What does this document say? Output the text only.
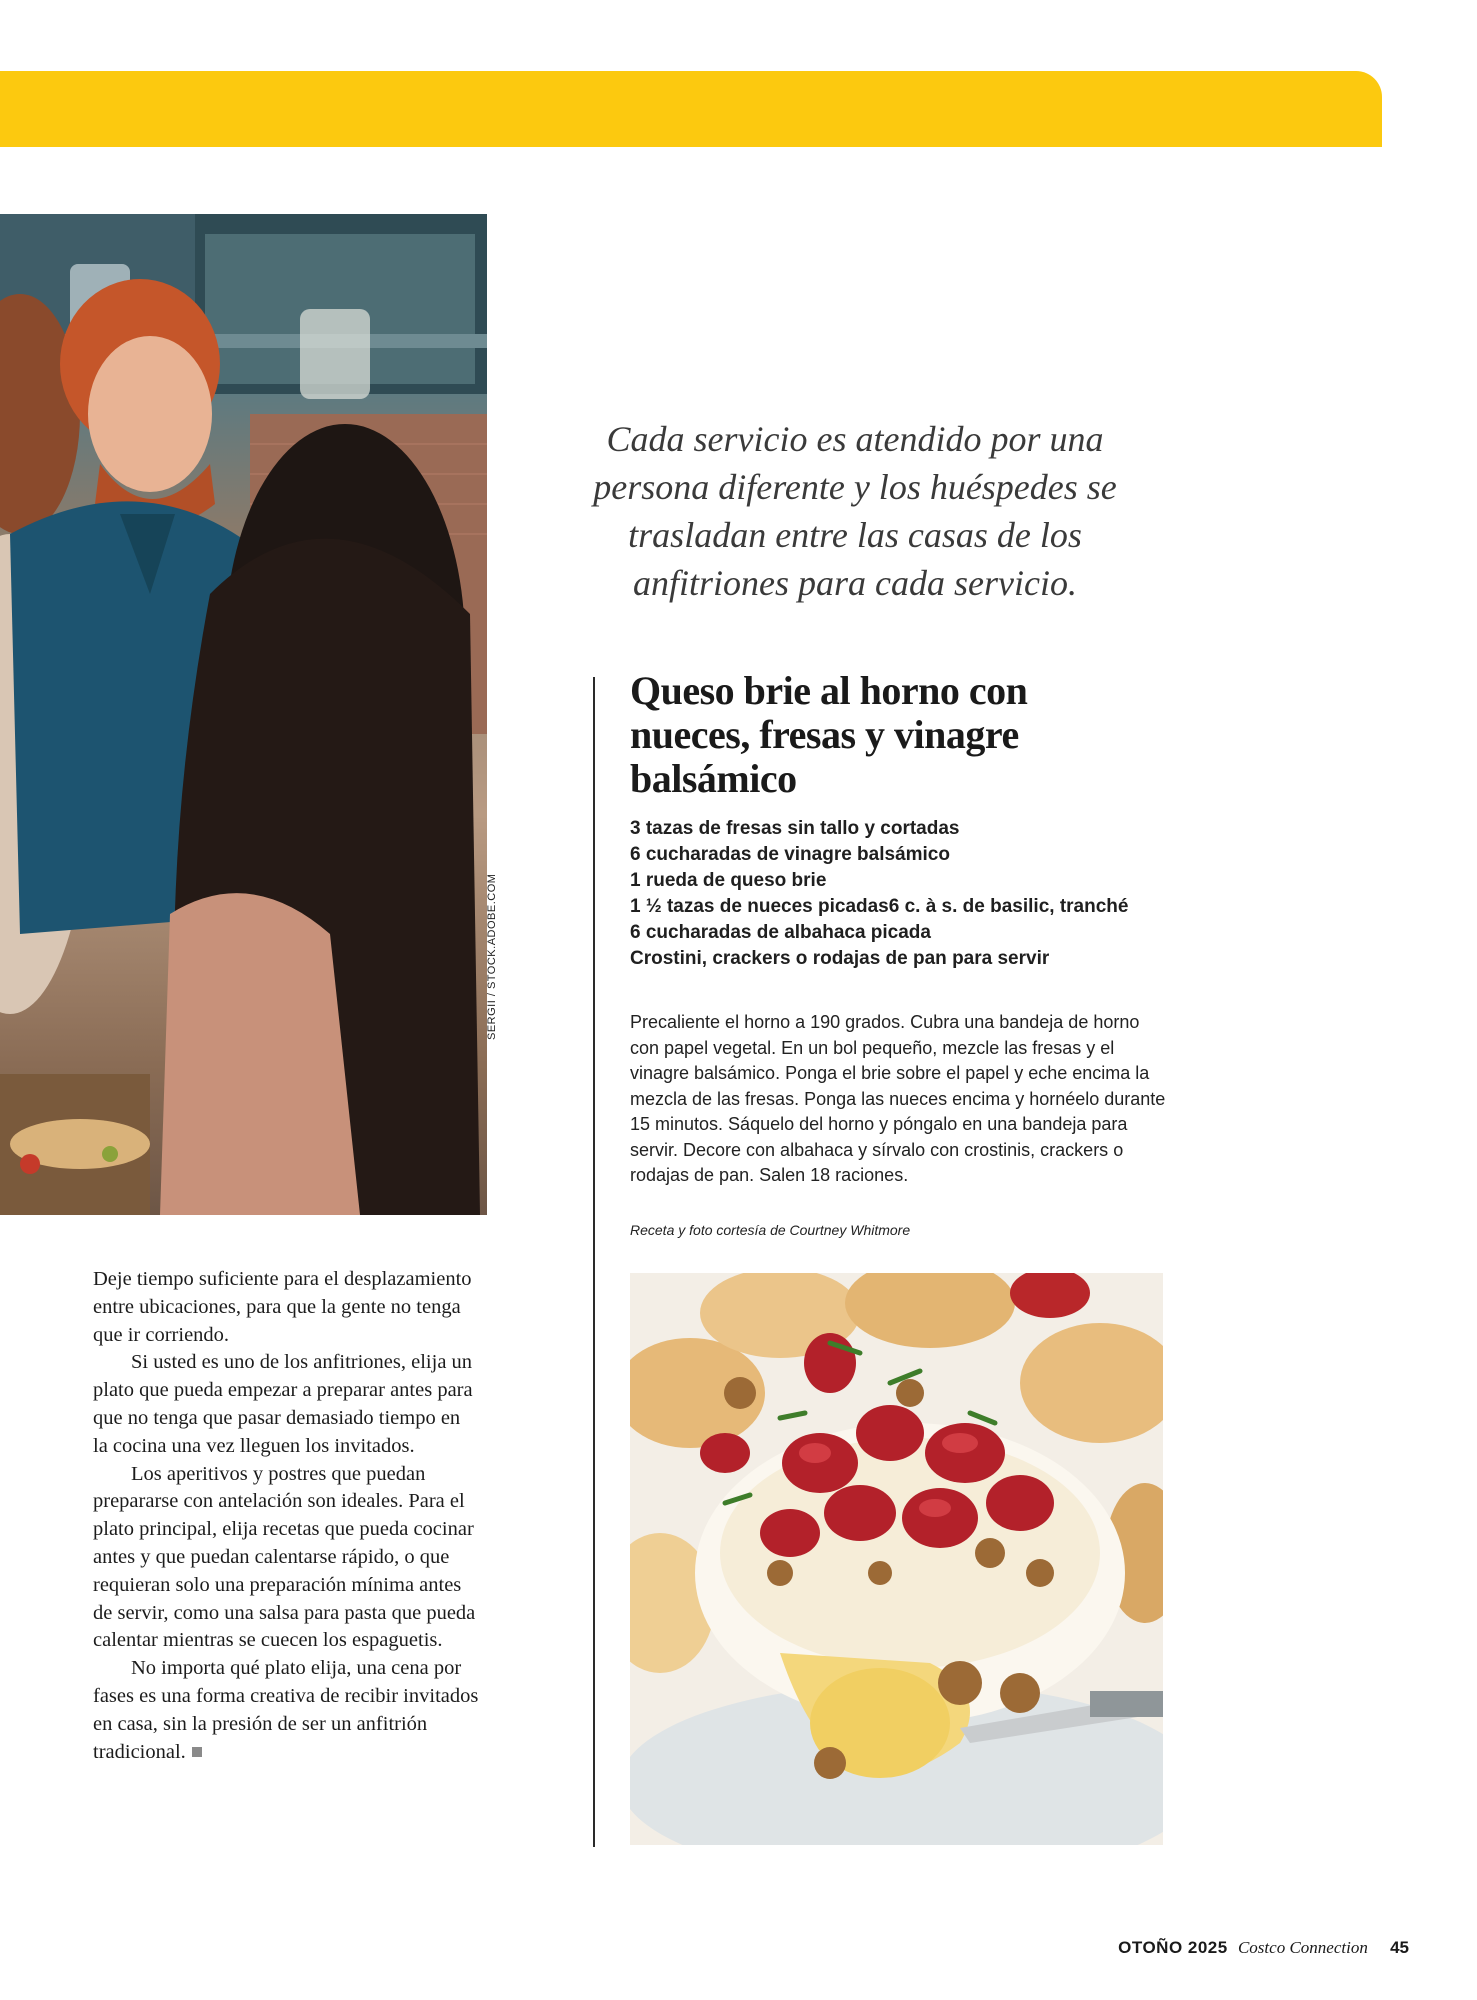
SERGII / STOCK.ADOBE.COM

Cada servicio es atendido por una persona diferente y los huéspedes se trasladan entre las casas de los anfitriones para cada servicio.

Queso brie al horno con nueces, fresas y vinagre balsámico
3 tazas de fresas sin tallo y cortadas
6 cucharadas de vinagre balsámico
1 rueda de queso brie
1 ½ tazas de nueces picadas6 c. à s. de basilic, tranché
6 cucharadas de albahaca picada
Crostini, crackers o rodajas de pan para servir

Precaliente el horno a 190 grados. Cubra una bandeja de horno con papel vegetal. En un bol pequeño, mezcle las fresas y el vinagre balsámico. Ponga el brie sobre el papel y eche encima la mezcla de las fresas. Ponga las nueces encima y hornéelo durante 15 minutos. Sáquelo del horno y póngalo en una bandeja para servir. Decore con albahaca y sírvalo con crostinis, crackers o rodajas de pan. Salen 18 raciones.

Receta y foto cortesía de Courtney Whitmore

Deje tiempo suficiente para el desplazamiento entre ubicaciones, para que la gente no tenga que ir corriendo.

Si usted es uno de los anfitriones, elija un plato que pueda empezar a preparar antes para que no tenga que pasar demasiado tiempo en la cocina una vez lleguen los invitados.

Los aperitivos y postres que puedan prepararse con antelación son ideales. Para el plato principal, elija recetas que pueda cocinar antes y que puedan calentarse rápido, o que requieran solo una preparación mínima antes de servir, como una salsa para pasta que pueda calentar mientras se cuecen los espaguetis.

No importa qué plato elija, una cena por fases es una forma creativa de recibir invitados en casa, sin la presión de ser un anfitrión tradicional.

OTOÑO 2025 Costco Connection 45
